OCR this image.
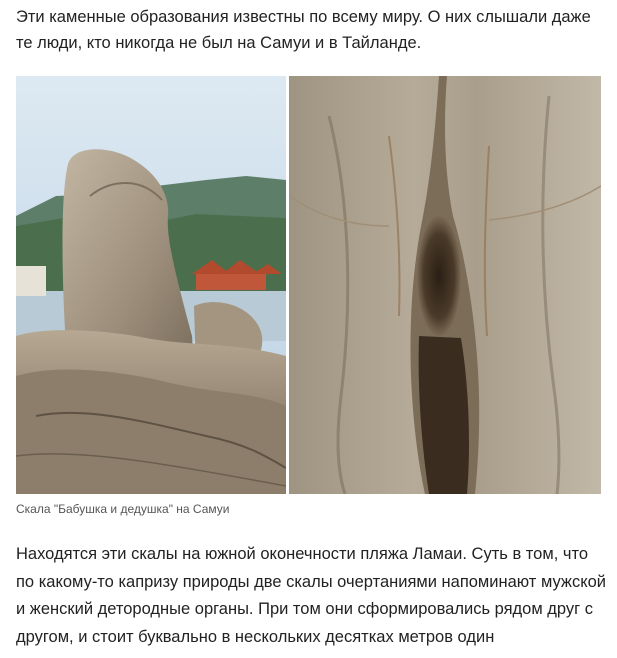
Эти каменные образования известны по всему миру. О них слышали даже те люди, кто никогда не был на Самуи и в Тайланде.

Скала "Бабушка и дедушка" на Самуи

Находятся эти скалы на южной оконечности пляжа Ламаи. Суть в том, что по какому-то капризу природы две скалы очертаниями напоминают мужской и женский детородные органы. При том они сформировались рядом друг с другом, и стоит буквально в нескольких десятках метров один
